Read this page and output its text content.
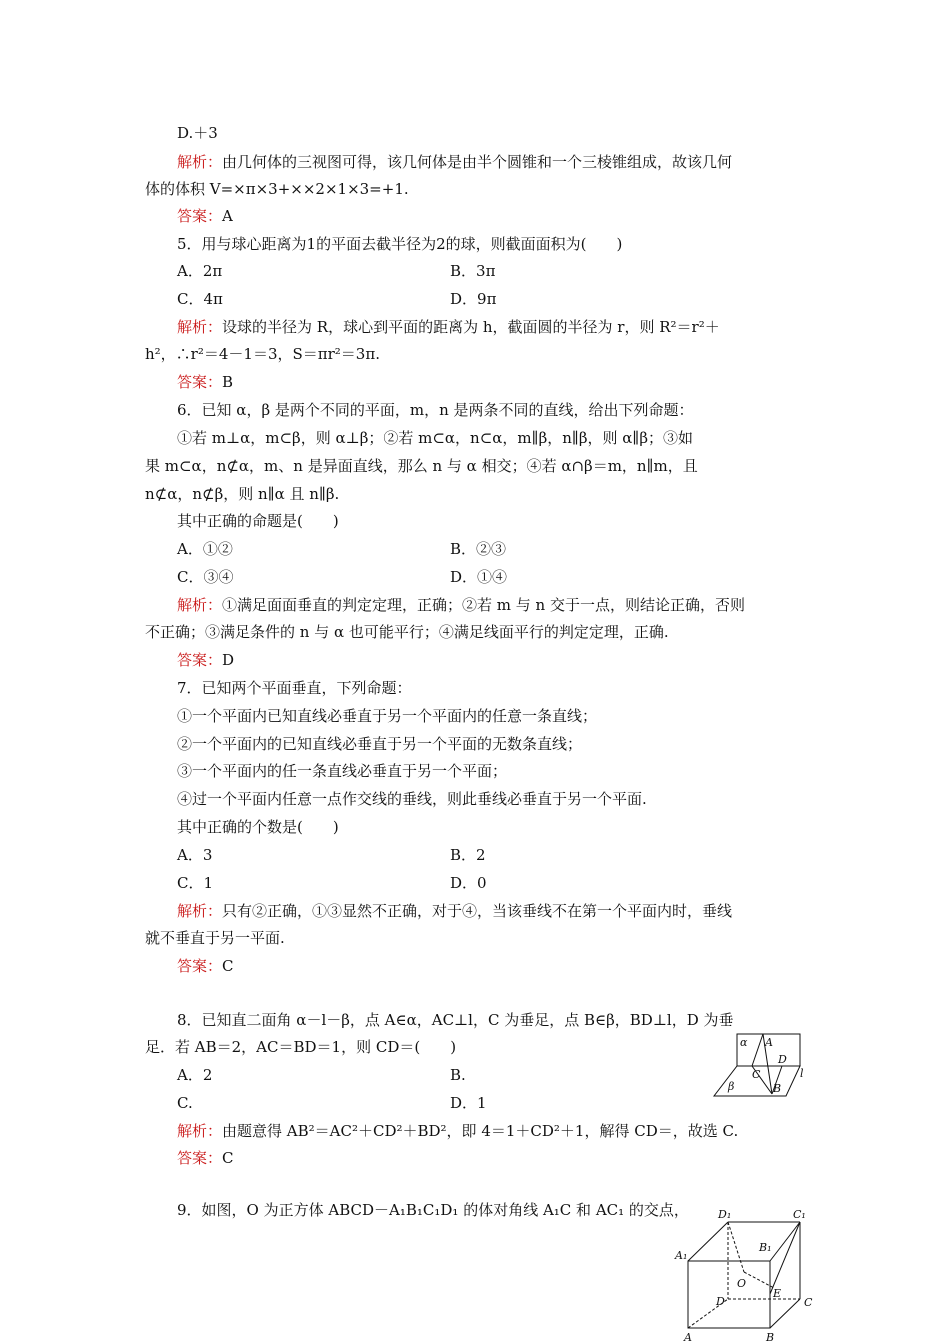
D.＋3
解析：由几何体的三视图可得，该几何体是由半个圆锥和一个三棱锥组成，故该几何
体的体积 V=×π×3+××2×1×3=+1.
答案：A
5．用与球心距离为1的平面去截半径为2的球，则截面面积为(　　)
A．2π	B．3π
C．4π	D．9π
解析：设球的半径为 R，球心到平面的距离为 h，截面圆的半径为 r，则 R²＝r²＋
h²，∴r²＝4－1＝3，S＝πr²＝3π.
答案：B
6．已知 α，β 是两个不同的平面，m，n 是两条不同的直线，给出下列命题：
①若 m⊥α，m⊂β，则 α⊥β；②若 m⊂α，n⊂α，m∥β，n∥β，则 α∥β；③如
果 m⊂α，n⊄α，m、n 是异面直线，那么 n 与 α 相交；④若 α∩β＝m，n∥m，且
n⊄α，n⊄β，则 n∥α 且 n∥β.
其中正确的命题是(　　)
A．①②	B．②③
C．③④	D．①④
解析：①满足面面垂直的判定定理，正确；②若 m 与 n 交于一点，则结论正确，否则
不正确；③满足条件的 n 与 α 也可能平行；④满足线面平行的判定定理，正确.
答案：D
7．已知两个平面垂直，下列命题：
①一个平面内已知直线必垂直于另一个平面内的任意一条直线；
②一个平面内的已知直线必垂直于另一个平面的无数条直线；
③一个平面内的任一条直线必垂直于另一个平面；
④过一个平面内任意一点作交线的垂线，则此垂线必垂直于另一个平面.
其中正确的个数是(　　)
A．3	B．2
C．1	D．0
解析：只有②正确，①③显然不正确，对于④，当该垂线不在第一个平面内时，垂线
就不垂直于另一平面.
答案：C
8．已知直二面角 α－l－β，点 A∈α，AC⊥l，C 为垂足，点 B∈β，BD⊥l，D 为垂
足．若 AB＝2，AC＝BD＝1，则 CD＝(　　)
A．2	B.
C.	D．1
解析：由题意得 AB²＝AC²＋CD²＋BD²，即 4＝1＋CD²＋1，解得 CD＝，故选 C.
答案：C
9．如图，O 为正方体 ABCD－A₁B₁C₁D₁ 的体对角线 A₁C 和 AC₁ 的交点，
α A
D
C	l
β	B
D₁	C₁
A₁
B₁
O
D
E
C
A	B
